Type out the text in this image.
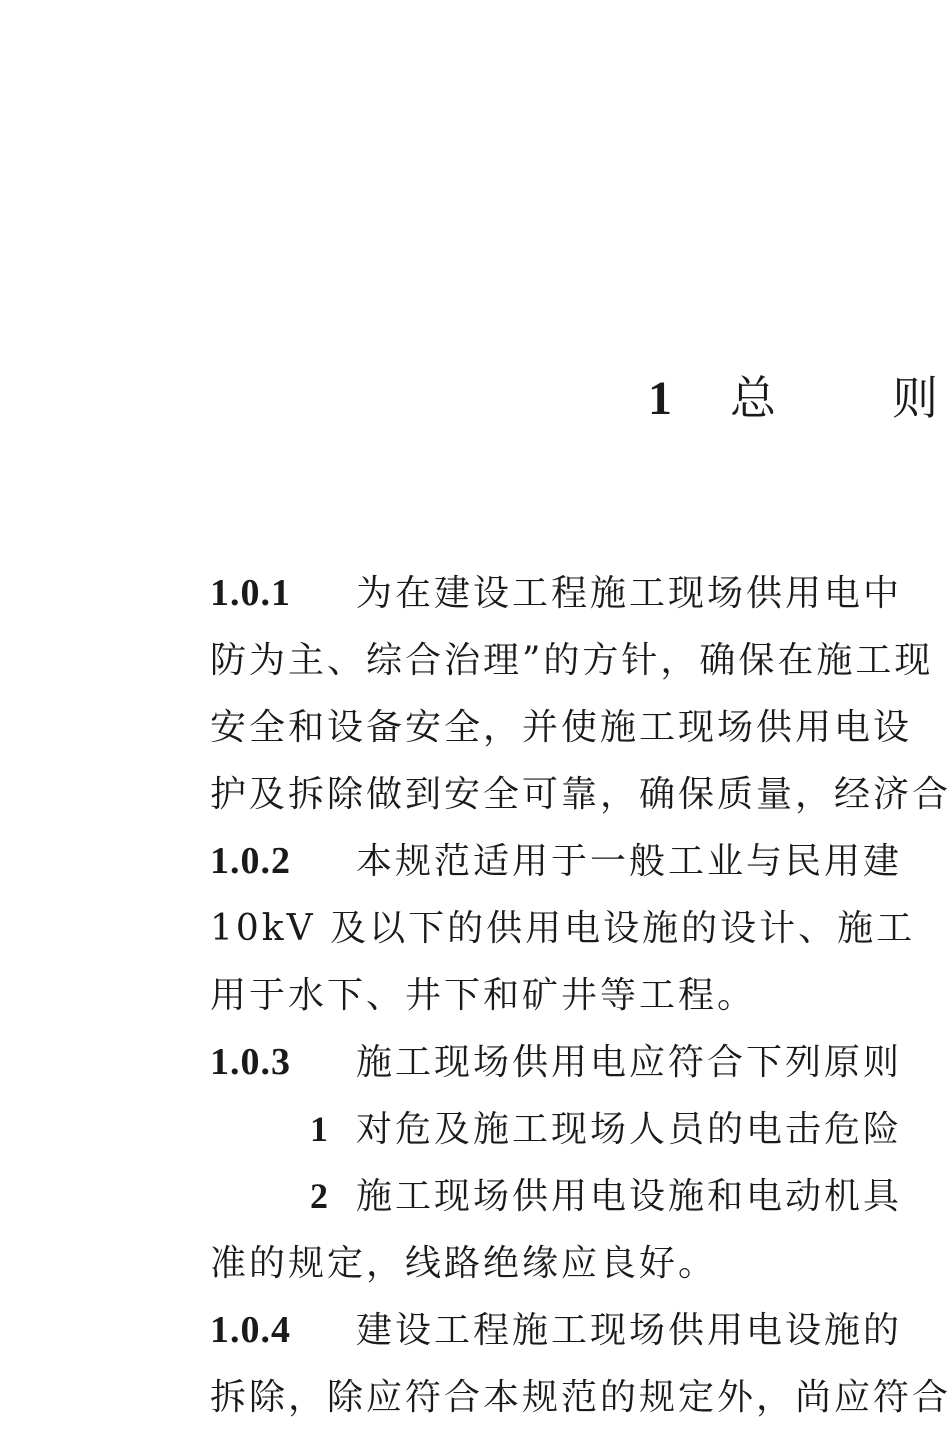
1 总	则
1.0.1 为在建设工程施工现场供用电中
防为主、综合治理”的方针，确保在施工现
安全和设备安全，并使施工现场供用电设
护及拆除做到安全可靠，确保质量，经济合
1.0.2 本规范适用于一般工业与民用建
10kV 及以下的供用电设施的设计、施工
用于水下、井下和矿井等工程。
1.0.3 施工现场供用电应符合下列原则
1 对危及施工现场人员的电击危险
2 施工现场供用电设施和电动机具
准的规定，线路绝缘应良好。
1.0.4 建设工程施工现场供用电设施的
拆除，除应符合本规范的规定外，尚应符合
